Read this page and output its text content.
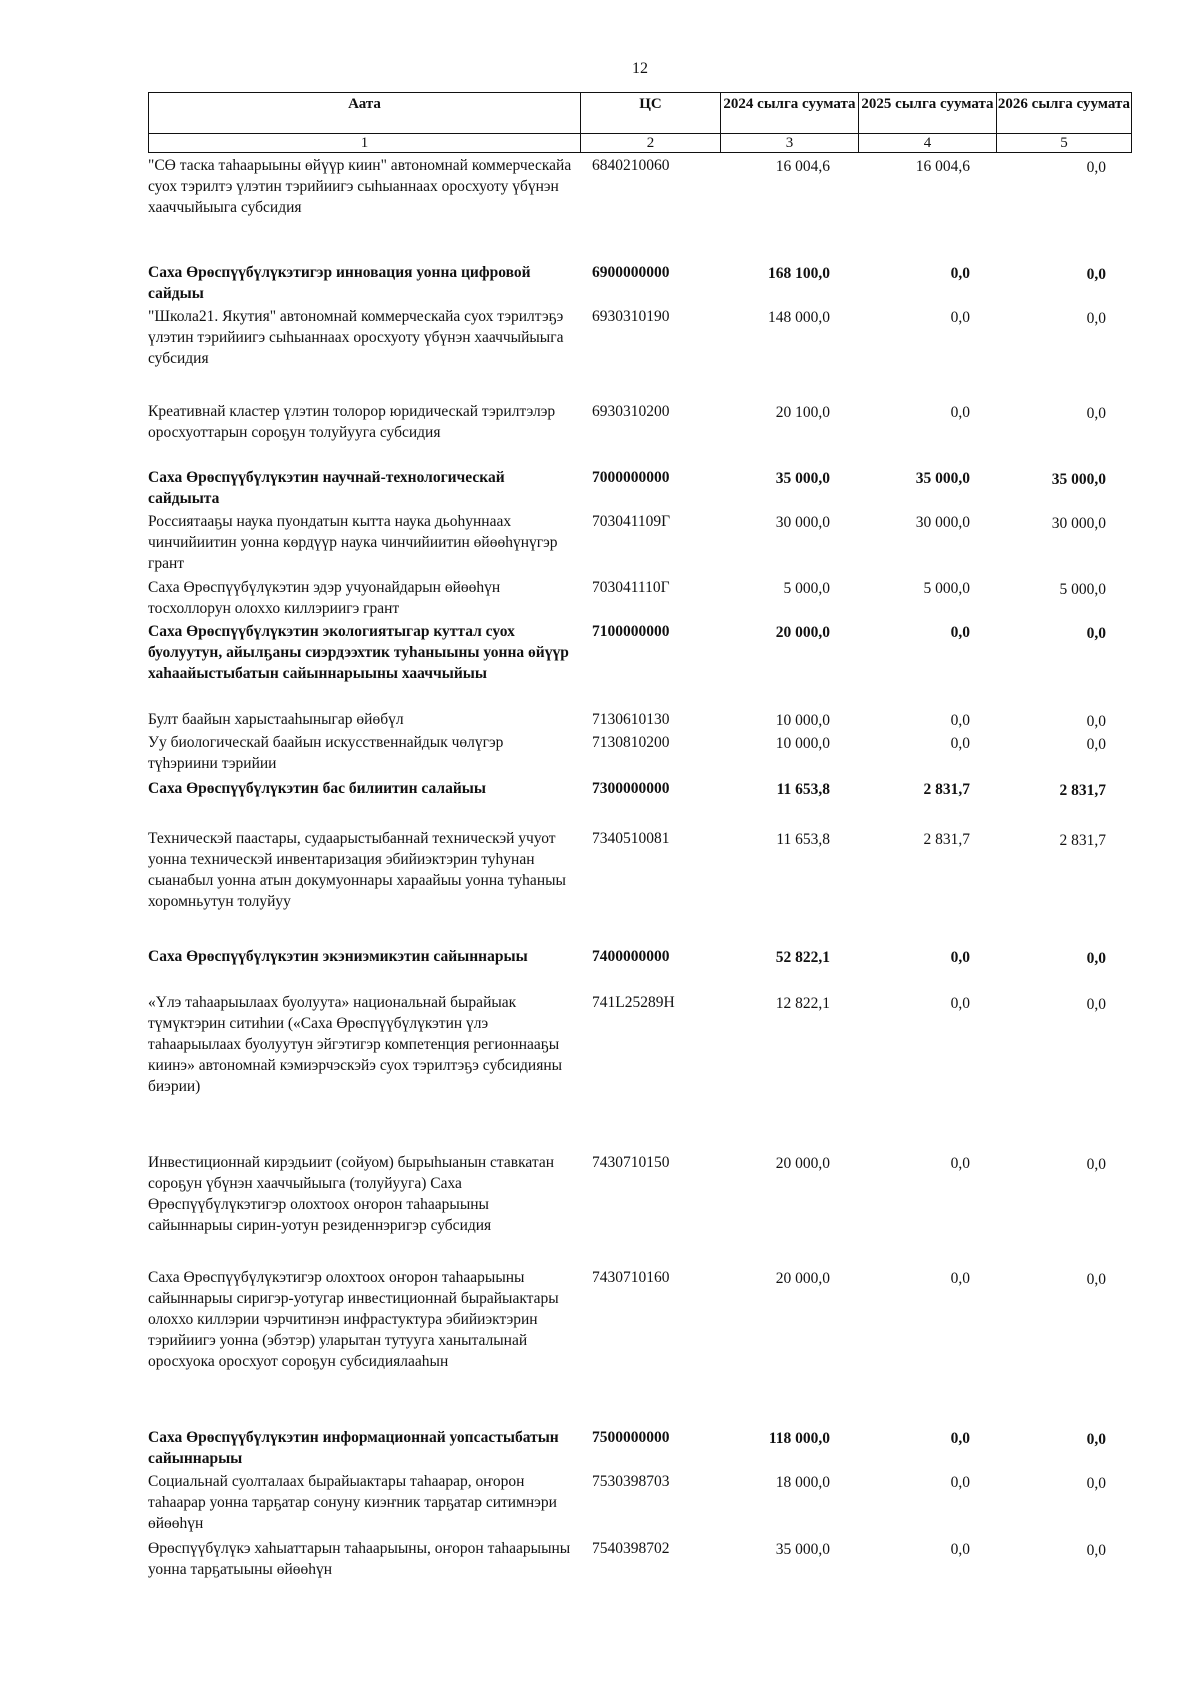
12
Аата	ЦС	2024 сылга суумата 2025 сылга суумата 2026 сылга суумата
1	2	3	4	5
"СӨ таска таһаарыыны өйүүр киин" автономнай коммерческайа суох тэрилтэ үлэтин тэрийиигэ сыһыаннаах оросхуоту үбүнэн хааччыйыыга субсидия
6840210060	16 004,6	16 004,6	0,0
Саха Өрөспүүбүлүкэтигэр инновация уонна цифровой сайдыы
6900000000	168 100,0	0,0	0,0
"Школа21. Якутия" автономнай коммерческайа суох тэрилтэҕэ үлэтин тэрийиигэ сыһыаннаах оросхуоту үбүнэн хааччыйыыга субсидия
6930310190	148 000,0	0,0	0,0
Креативнай кластер үлэтин толорор юридическай тэрилтэлэр оросхуоттарын сороҕун толуйууга субсидия
6930310200	20 100,0	0,0	0,0
Саха Өрөспүүбүлүкэтин научнай-технологическай сайдыыта
7000000000	35 000,0	35 000,0	35 000,0
Россиятааҕы наука пуондатын кытта наука дьоһуннаах чинчийиитин уонна көрдүүр наука чинчийиитин өйөөһүнүгэр грант
703041109Г	30 000,0	30 000,0	30 000,0
Саха Өрөспүүбүлүкэтин эдэр учуонайдарын өйөөһүн тосхоллорун олоххо киллэриигэ грант
703041110Г	5 000,0	5 000,0	5 000,0
Саха Өрөспүүбүлүкэтин экологиятыгар куттал суох буолуутун, айылҕаны сиэрдээхтик туһаныыны уонна өйүүр хаһаайыстыбатын сайыннарыыны хааччыйыы
7100000000	20 000,0	0,0	0,0
Булт баайын харыстааһыныгар өйөбүл	7130610130	10 000,0	0,0	0,0
Уу биологическай баайын искусственнайдык чөлүгэр түһэриини тэрийии
7130810200	10 000,0	0,0	0,0
Саха Өрөспүүбүлүкэтин бас билиитин салайыы	7300000000	11 653,8	2 831,7	2 831,7
Техническэй паастары, судаарыстыбаннай техническэй учуот уонна техническэй инвентаризация эбийиэктэрин туһунан сыанабыл уонна атын докумуоннары хараайыы уонна туһаныы хоромньутун толуйуу
7340510081	11 653,8	2 831,7	2 831,7
Саха Өрөспүүбүлүкэтин экэниэмикэтин сайыннарыы	7400000000	52 822,1	0,0	0,0
«Үлэ таһаарыылаах буолуута» национальнай бырайыак түмүктэрин ситиһии («Саха Өрөспүүбүлүкэтин үлэ таһаарыылаах буолуутун эйгэтигэр компетенция регионнааҕы киинэ» автономнай кэмиэрчэскэйэ суох тэрилтэҕэ субсидияны биэрии)
741L25289Н	12 822,1	0,0	0,0
Инвестиционнай кирэдьиит (сойуом) бырыһыанын ставкатан сороҕун үбүнэн хааччыйыыга (толуйууга) Саха Өрөспүүбүлүкэтигэр олохтоох оҥорон таһаарыыны сайыннарыы сирин-уотун резиденнэригэр субсидия
7430710150	20 000,0	0,0	0,0
Саха Өрөспүүбүлүкэтигэр олохтоох оҥорон таһаарыыны сайыннарыы сиригэр-уотугар инвестиционнай бырайыактары олоххо киллэрии чэрчитинэн инфрастуктура эбийиэктэрин тэрийиигэ уонна (эбэтэр) уларытан тутууга ханыталынай оросхуока оросхуот сороҕун субсидиялааһын
7430710160	20 000,0	0,0	0,0
Саха Өрөспүүбүлүкэтин информационнай уопсастыбатын сайыннарыы
7500000000	118 000,0	0,0	0,0
Социальнай суолталаах бырайыактары таһаарар, оҥорон таһаарар уонна тарҕатар сонуну киэҥник тарҕатар ситимнэри өйөөһүн
7530398703	18 000,0	0,0	0,0
Өрөспүүбүлүкэ хаһыаттарын таһаарыыны, оҥорон таһаарыыны уонна тарҕатыыны өйөөһүн
7540398702	35 000,0	0,0	0,0
